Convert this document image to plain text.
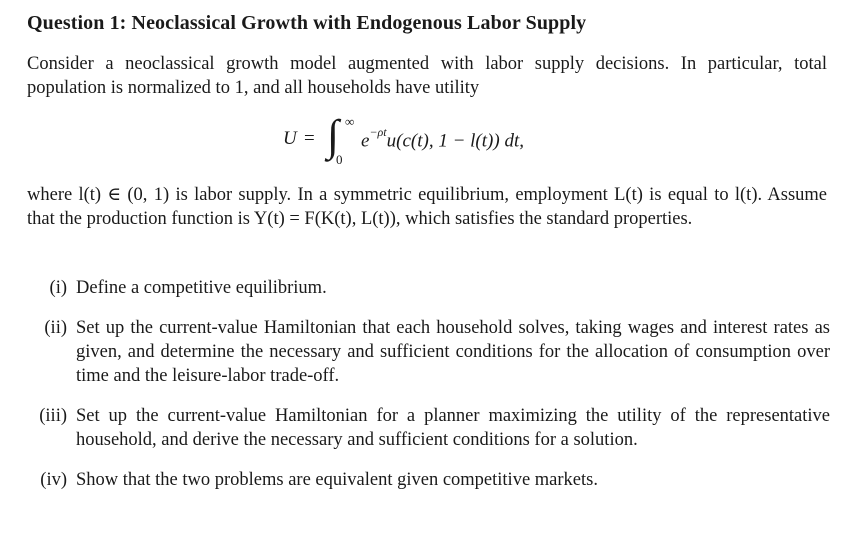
Question 1: Neoclassical Growth with Endogenous Labor Supply
Consider a neoclassical growth model augmented with labor supply decisions. In particular, total population is normalized to 1, and all households have utility
U = ∫ ∞
0
$e^{-\rho t}u(c(t)$, 1 − l(t)) dt,
where l(t) ∈ (0, 1) is labor supply. In a symmetric equilibrium, employment L(t) is equal to l(t). Assume that the production function is Y(t) = F(K(t), L(t)), which satisfies the standard properties.
(i) Define a competitive equilibrium.
(ii) Set up the current-value Hamiltonian that each household solves, taking wages and interest rates as given, and determine the necessary and sufficient conditions for the allocation of consumption over time and the leisure-labor trade-off.
(iii) Set up the current-value Hamiltonian for a planner maximizing the utility of the representative household, and derive the necessary and sufficient conditions for a solution.
(iv) Show that the two problems are equivalent given competitive markets.
